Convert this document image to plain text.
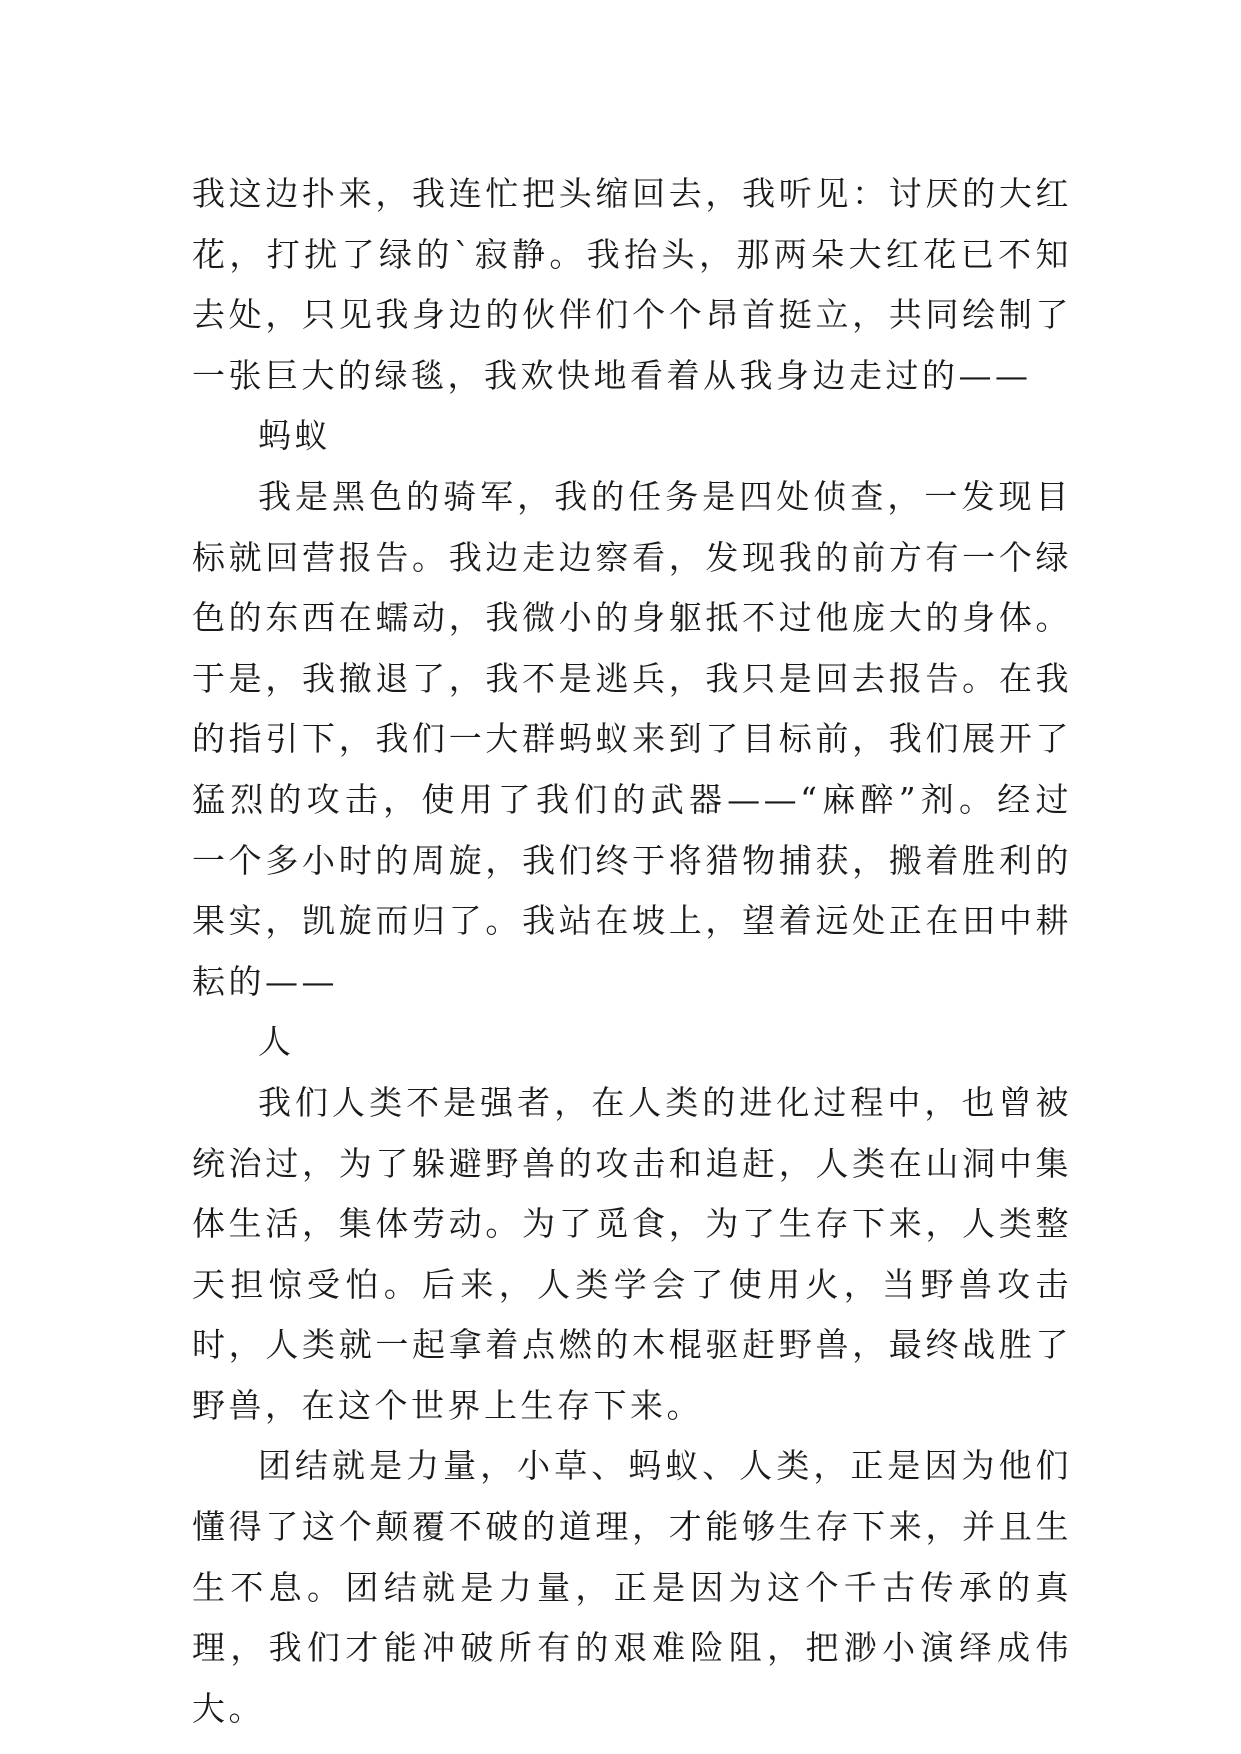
我这边扑来，我连忙把头缩回去，我听见：讨厌的大红花，打扰了绿的`寂静。我抬头，那两朵大红花已不知去处，只见我身边的伙伴们个个昂首挺立，共同绘制了一张巨大的绿毯，我欢快地看着从我身边走过的——

蚂蚁

我是黑色的骑军，我的任务是四处侦查，一发现目标就回营报告。我边走边察看，发现我的前方有一个绿色的东西在蠕动，我微小的身躯抵不过他庞大的身体。于是，我撤退了，我不是逃兵，我只是回去报告。在我的指引下，我们一大群蚂蚁来到了目标前，我们展开了猛烈的攻击，使用了我们的武器——“麻醉”剂。经过一个多小时的周旋，我们终于将猎物捕获，搬着胜利的果实，凯旋而归了。我站在坡上，望着远处正在田中耕耘的——

人

我们人类不是强者，在人类的进化过程中，也曾被统治过，为了躲避野兽的攻击和追赶，人类在山洞中集体生活，集体劳动。为了觅食，为了生存下来，人类整天担惊受怕。后来，人类学会了使用火，当野兽攻击时，人类就一起拿着点燃的木棍驱赶野兽，最终战胜了野兽，在这个世界上生存下来。

团结就是力量，小草、蚂蚁、人类，正是因为他们懂得了这个颠覆不破的道理，才能够生存下来，并且生生不息。团结就是力量，正是因为这个千古传承的真理，我们才能冲破所有的艰难险阻，把渺小演绎成伟大。
